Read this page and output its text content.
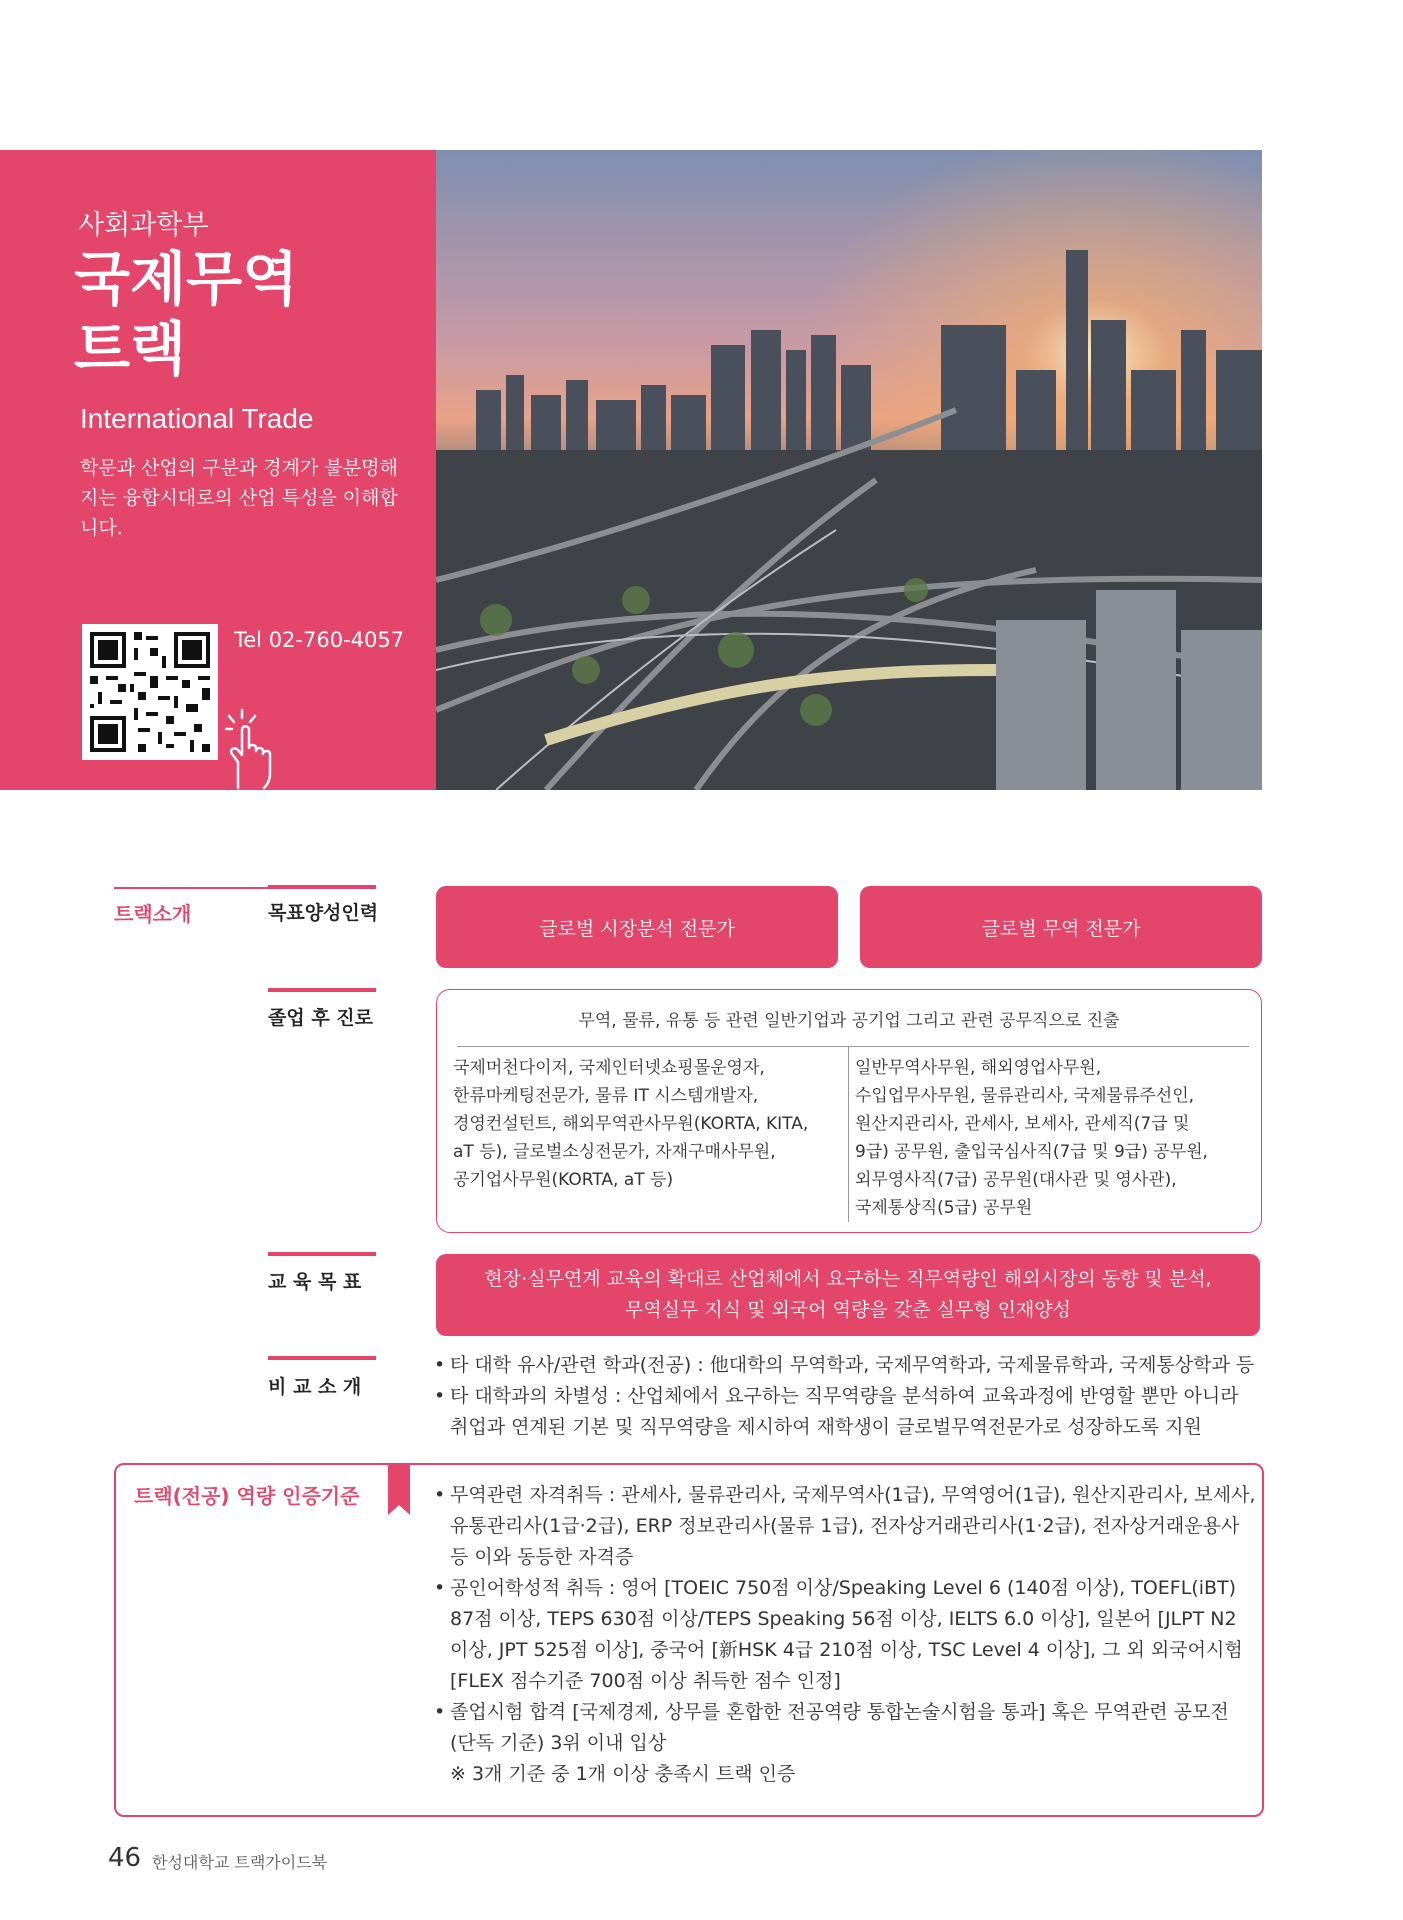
사회과학부
국제무역
트랙
International Trade
학문과 산업의 구분과 경계가 불분명해지는 융합시대로의 산업 특성을 이해합니다.
Tel 02-760-4057
트랙소개	목표양성인력
글로벌 시장분석 전문가	글로벌 무역 전문가
졸업 후 진로	무역, 물류, 유통 등 관련 일반기업과 공기업 그리고 관련 공무직으로 진출
국제머천다이저, 국제인터넷쇼핑몰운영자,
한류마케팅전문가, 물류 IT 시스템개발자,
경영컨설턴트, 해외무역관사무원(KORTA, KITA,
aT 등), 글로벌소싱전문가, 자재구매사무원,
공기업사무원(KORTA, aT 등)
일반무역사무원, 해외영업사무원,
수입업무사무원, 물류관리사, 국제물류주선인,
원산지관리사, 관세사, 보세사, 관세직(7급 및
9급) 공무원, 출입국심사직(7급 및 9급) 공무원,
외무영사직(7급) 공무원(대사관 및 영사관),
국제통상직(5급) 공무원
교 육 목 표	현장·실무연계 교육의 확대로 산업체에서 요구하는 직무역량인 해외시장의 동향 및 분석,
무역실무 지식 및 외국어 역량을 갖춘 실무형 인재양성
비 교 소 개
• 타 대학 유사/관련 학과(전공) : 他대학의 무역학과, 국제무역학과, 국제물류학과, 국제통상학과 등
• 타 대학과의 차별성 : 산업체에서 요구하는 직무역량을 분석하여 교육과정에 반영할 뿐만 아니라
취업과 연계된 기본 및 직무역량을 제시하여 재학생이 글로벌무역전문가로 성장하도록 지원
트랙(전공) 역량 인증기준
•	무역관련 자격취득 : 관세사, 물류관리사, 국제무역사(1급), 무역영어(1급), 원산지관리사, 보세사,
유통관리사(1급·2급), ERP 정보관리사(물류 1급), 전자상거래관리사(1·2급), 전자상거래운용사
등 이와 동등한 자격증
• 공인어학성적 취득 : 영어 [TOEIC 750점 이상/Speaking Level 6 (140점 이상), TOEFL(iBT)
87점 이상, TEPS 630점 이상/TEPS Speaking 56점 이상, IELTS 6.0 이상], 일본어 [JLPT N2
이상, JPT 525점 이상], 중국어 [新HSK 4급 210점 이상, TSC Level 4 이상], 그 외 외국어시험
[FLEX 점수기준 700점 이상 취득한 점수 인정]
• 졸업시험 합격 [국제경제, 상무를 혼합한 전공역량 통합논술시험을 통과] 혹은 무역관련 공모전
(단독 기준) 3위 이내 입상
※ 3개 기준 중 1개 이상 충족시 트랙 인증
46 한성대학교 트랙가이드북
